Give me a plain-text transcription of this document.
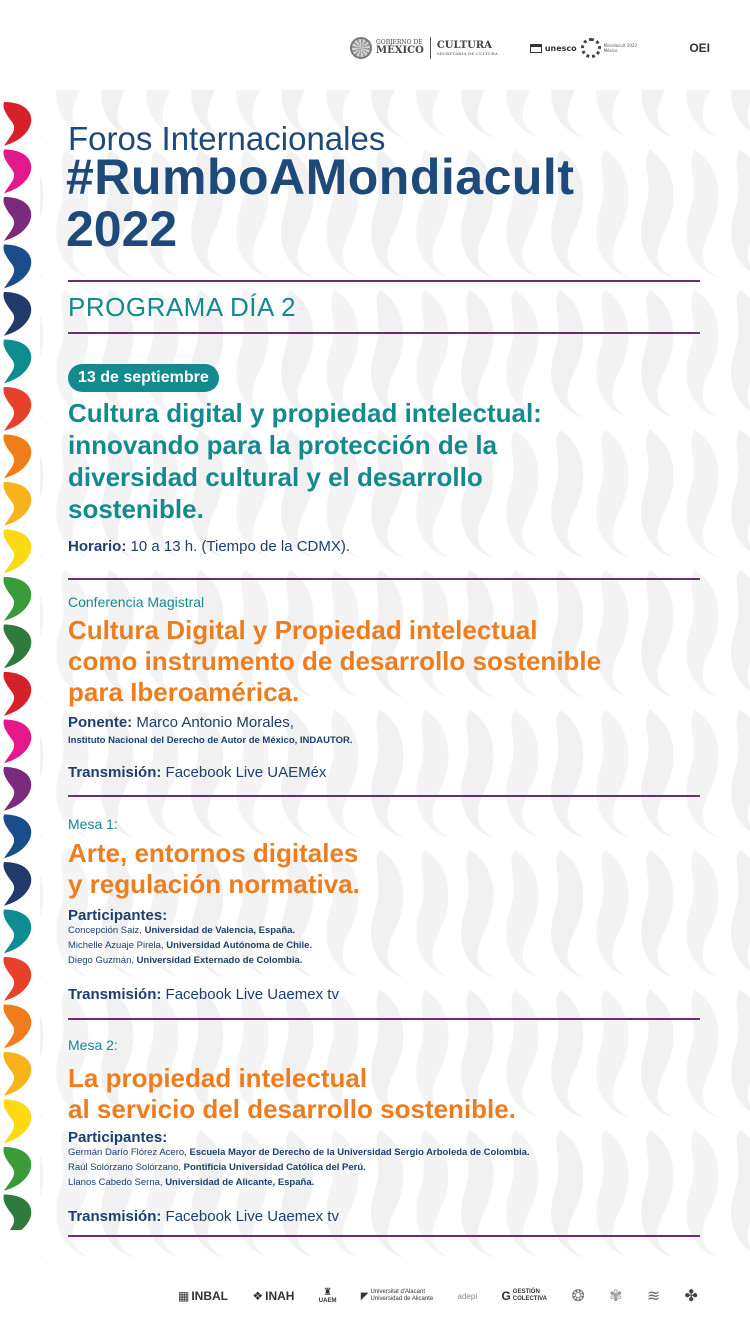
GOBIERNO DE
MÉXICO CULTURA
SECRETARÍA DE CULTURA
unesco	Mondiacult 2022
México	OEI
Foros Internacionales
#RumboAMondiacult
2022
PROGRAMA DÍA 2
13 de septiembre
Cultura digital y propiedad intelectual:
innovando para la protección de la
diversidad cultural y el desarrollo
sostenible.
Horario: 10 a 13 h. (Tiempo de la CDMX).
Conferencia Magistral
Cultura Digital y Propiedad intelectual
como instrumento de desarrollo sostenible
para Iberoamérica.
Ponente: Marco Antonio Morales,
Instituto Nacional del Derecho de Autor de México, INDAUTOR.
Transmisión: Facebook Live UAEMéx
Mesa 1:
Arte, entornos digitales
y regulación normativa.
Participantes:
Concepción Saiz, Universidad de Valencia, España.
Michelle Azuaje Pirela, Universidad Autónoma de Chile.
Diego Guzmán, Universidad Externado de Colombia.
Transmisión: Facebook Live Uaemex tv
Mesa 2:
La propiedad intelectual
al servicio del desarrollo sostenible.
Participantes:
Germán Darío Flórez Acero, Escuela Mayor de Derecho de la Universidad Sergio Arboleda de Colombia.
Raúl Solórzano Solórzano, Pontificia Universidad Católica del Perú.
Llanos Cabedo Serna, Universidad de Alicante, España.
Transmisión: Facebook Live Uaemex tv
▦ INBAL ❖ INAH	♜
UAEM ◤ Universitat d'Alacant
Universidad de Alicante	adepi G GESTIÓN
COLECTIVA ❂ ✾ ≋ ✤
